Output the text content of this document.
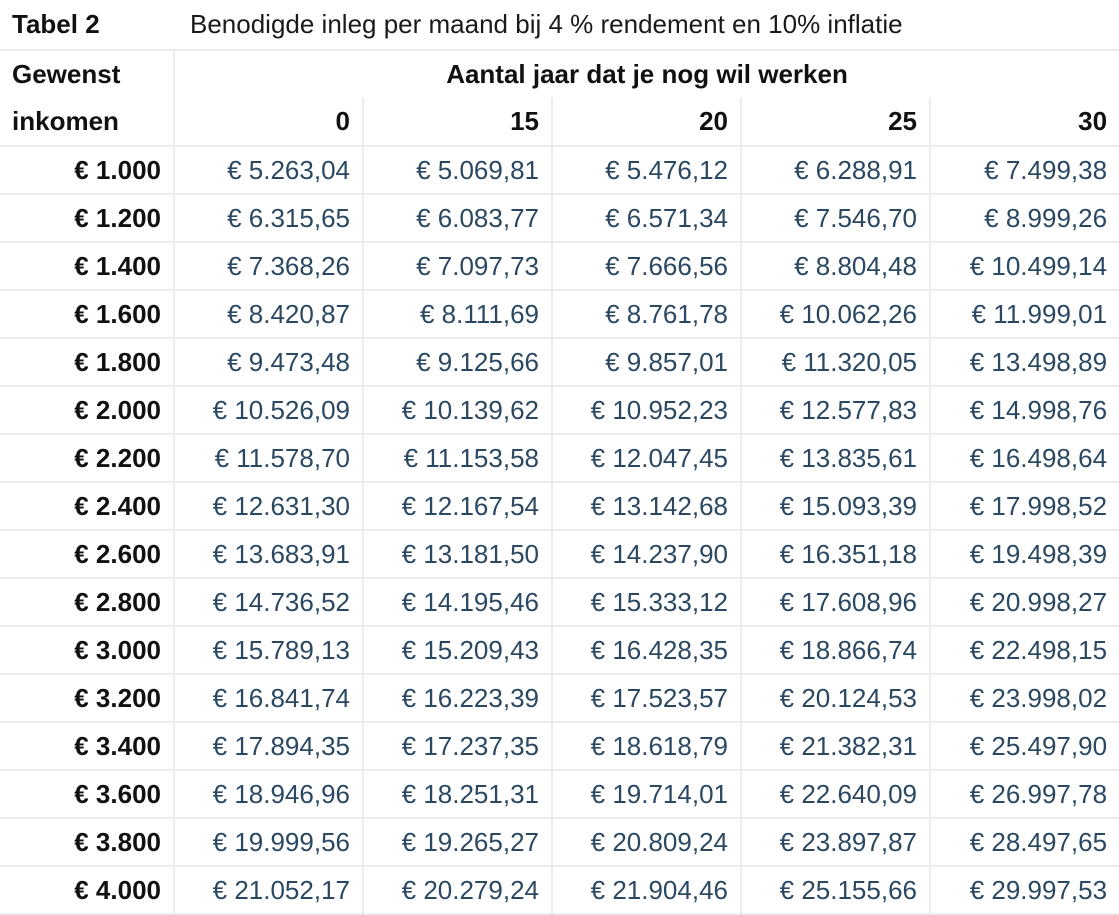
Tabel 2	Benodigde inleg per maand bij 4 % rendement en 10% inflatie				
Gewenst	Aantal jaar dat je nog wil werken				
inkomen	0	15	20	25	30
€ 1.000	€ 5.263,04	€ 5.069,81	€ 5.476,12	€ 6.288,91	€ 7.499,38
€ 1.200	€ 6.315,65	€ 6.083,77	€ 6.571,34	€ 7.546,70	€ 8.999,26
€ 1.400	€ 7.368,26	€ 7.097,73	€ 7.666,56	€ 8.804,48	€ 10.499,14
€ 1.600	€ 8.420,87	€ 8.111,69	€ 8.761,78	€ 10.062,26	€ 11.999,01
€ 1.800	€ 9.473,48	€ 9.125,66	€ 9.857,01	€ 11.320,05	€ 13.498,89
€ 2.000	€ 10.526,09	€ 10.139,62	€ 10.952,23	€ 12.577,83	€ 14.998,76
€ 2.200	€ 11.578,70	€ 11.153,58	€ 12.047,45	€ 13.835,61	€ 16.498,64
€ 2.400	€ 12.631,30	€ 12.167,54	€ 13.142,68	€ 15.093,39	€ 17.998,52
€ 2.600	€ 13.683,91	€ 13.181,50	€ 14.237,90	€ 16.351,18	€ 19.498,39
€ 2.800	€ 14.736,52	€ 14.195,46	€ 15.333,12	€ 17.608,96	€ 20.998,27
€ 3.000	€ 15.789,13	€ 15.209,43	€ 16.428,35	€ 18.866,74	€ 22.498,15
€ 3.200	€ 16.841,74	€ 16.223,39	€ 17.523,57	€ 20.124,53	€ 23.998,02
€ 3.400	€ 17.894,35	€ 17.237,35	€ 18.618,79	€ 21.382,31	€ 25.497,90
€ 3.600	€ 18.946,96	€ 18.251,31	€ 19.714,01	€ 22.640,09	€ 26.997,78
€ 3.800	€ 19.999,56	€ 19.265,27	€ 20.809,24	€ 23.897,87	€ 28.497,65
€ 4.000	€ 21.052,17	€ 20.279,24	€ 21.904,46	€ 25.155,66	€ 29.997,53
